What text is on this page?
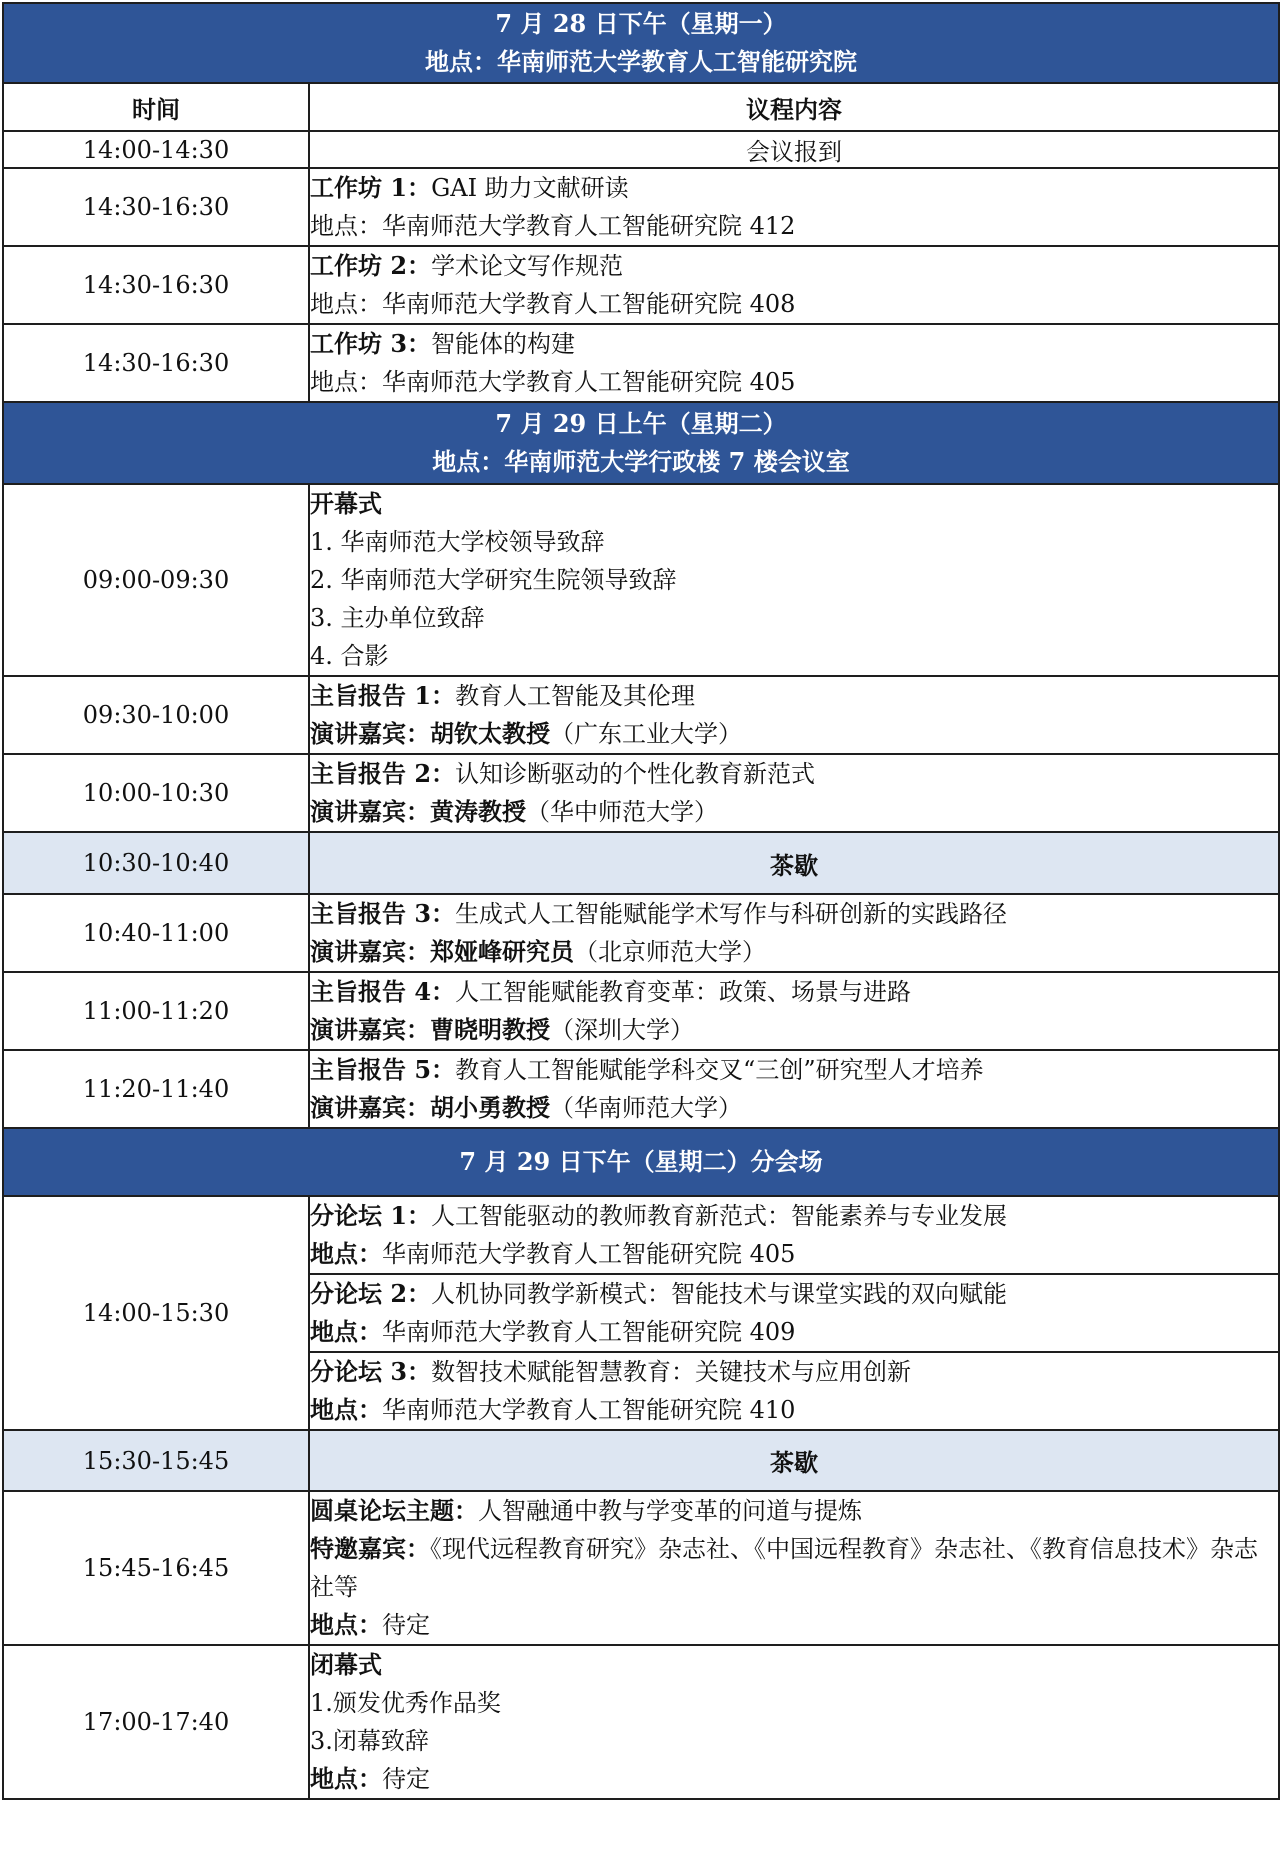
7 月 28 日下午（星期一）
地点：华南师范大学教育人工智能研究院	

时间	议程内容
14:00-14:30	会议报到
14:30-16:30	工作坊 1：GAI 助力文献研读
地点：华南师范大学教育人工智能研究院 412

14:30-16:30	工作坊 2：学术论文写作规范
地点：华南师范大学教育人工智能研究院 408

14:30-16:30	工作坊 3：智能体的构建
地点：华南师范大学教育人工智能研究院 405

7 月 29 日上午（星期二）
地点：华南师范大学行政楼 7 楼会议室	

09:00-09:30	开幕式
1. 华南师范大学校领导致辞
2. 华南师范大学研究生院领导致辞
3. 主办单位致辞
4. 合影

09:30-10:00	主旨报告 1：教育人工智能及其伦理
演讲嘉宾：胡钦太教授（广东工业大学）

10:00-10:30	主旨报告 2：认知诊断驱动的个性化教育新范式
演讲嘉宾：黄涛教授（华中师范大学）

10:30-10:40	茶歇
10:40-11:00	主旨报告 3：生成式人工智能赋能学术写作与科研创新的实践路径
演讲嘉宾：郑娅峰研究员（北京师范大学）

11:00-11:20	主旨报告 4：人工智能赋能教育变革：政策、场景与进路
演讲嘉宾：曹晓明教授（深圳大学）

11:20-11:40	主旨报告 5：教育人工智能赋能学科交叉“三创”研究型人才培养
演讲嘉宾：胡小勇教授（华南师范大学）

7 月 29 日下午（星期二）分会场	

14:00-15:30	分论坛 1：人工智能驱动的教师教育新范式：智能素养与专业发展
地点：华南师范大学教育人工智能研究院 405

	分论坛 2：人机协同教学新模式：智能技术与课堂实践的双向赋能
地点：华南师范大学教育人工智能研究院 409

	分论坛 3：数智技术赋能智慧教育：关键技术与应用创新
地点：华南师范大学教育人工智能研究院 410

15:30-15:45	茶歇
15:45-16:45	圆桌论坛主题：人智融通中教与学变革的问道与提炼
特邀嘉宾：《现代远程教育研究》杂志社、《中国远程教育》杂志社、《教育信息技术》杂志社等
地点：待定

17:00-17:40	闭幕式
1.颁发优秀作品奖
3.闭幕致辞
地点：待定
